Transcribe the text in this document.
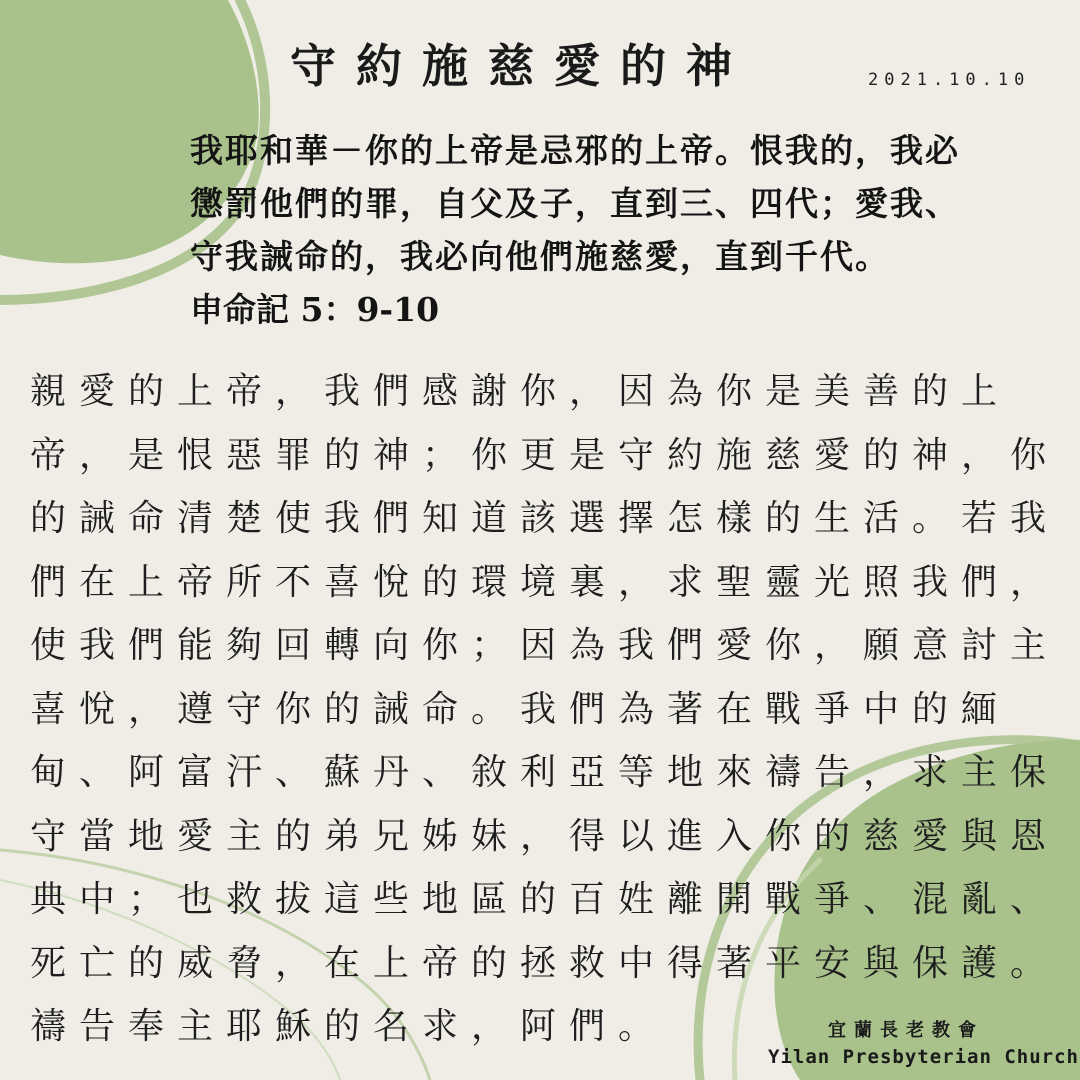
守約施慈愛的神	2021.10.10
我耶和華－你的上帝是忌邪的上帝。恨我的，我必
懲罰他們的罪，自父及子，直到三、四代；愛我、
守我誡命的，我必向他們施慈愛，直到千代。
申命記 5：9-10
親愛的上帝，我們感謝你，因為你是美善的上
帝，是恨惡罪的神；你更是守約施慈愛的神，你
的誡命清楚使我們知道該選擇怎樣的生活。若我
們在上帝所不喜悅的環境裏，求聖靈光照我們，
使我們能夠回轉向你；因為我們愛你，願意討主
喜悅，遵守你的誡命。我們為著在戰爭中的緬
甸、阿富汗、蘇丹、敘利亞等地來禱告，求主保
守當地愛主的弟兄姊妹，得以進入你的慈愛與恩
典中；也救拔這些地區的百姓離開戰爭、混亂、
死亡的威脅，在上帝的拯救中得著平安與保護。
禱告奉主耶穌的名求，阿們。	宜蘭長老教會
Yilan Presbyterian Church
